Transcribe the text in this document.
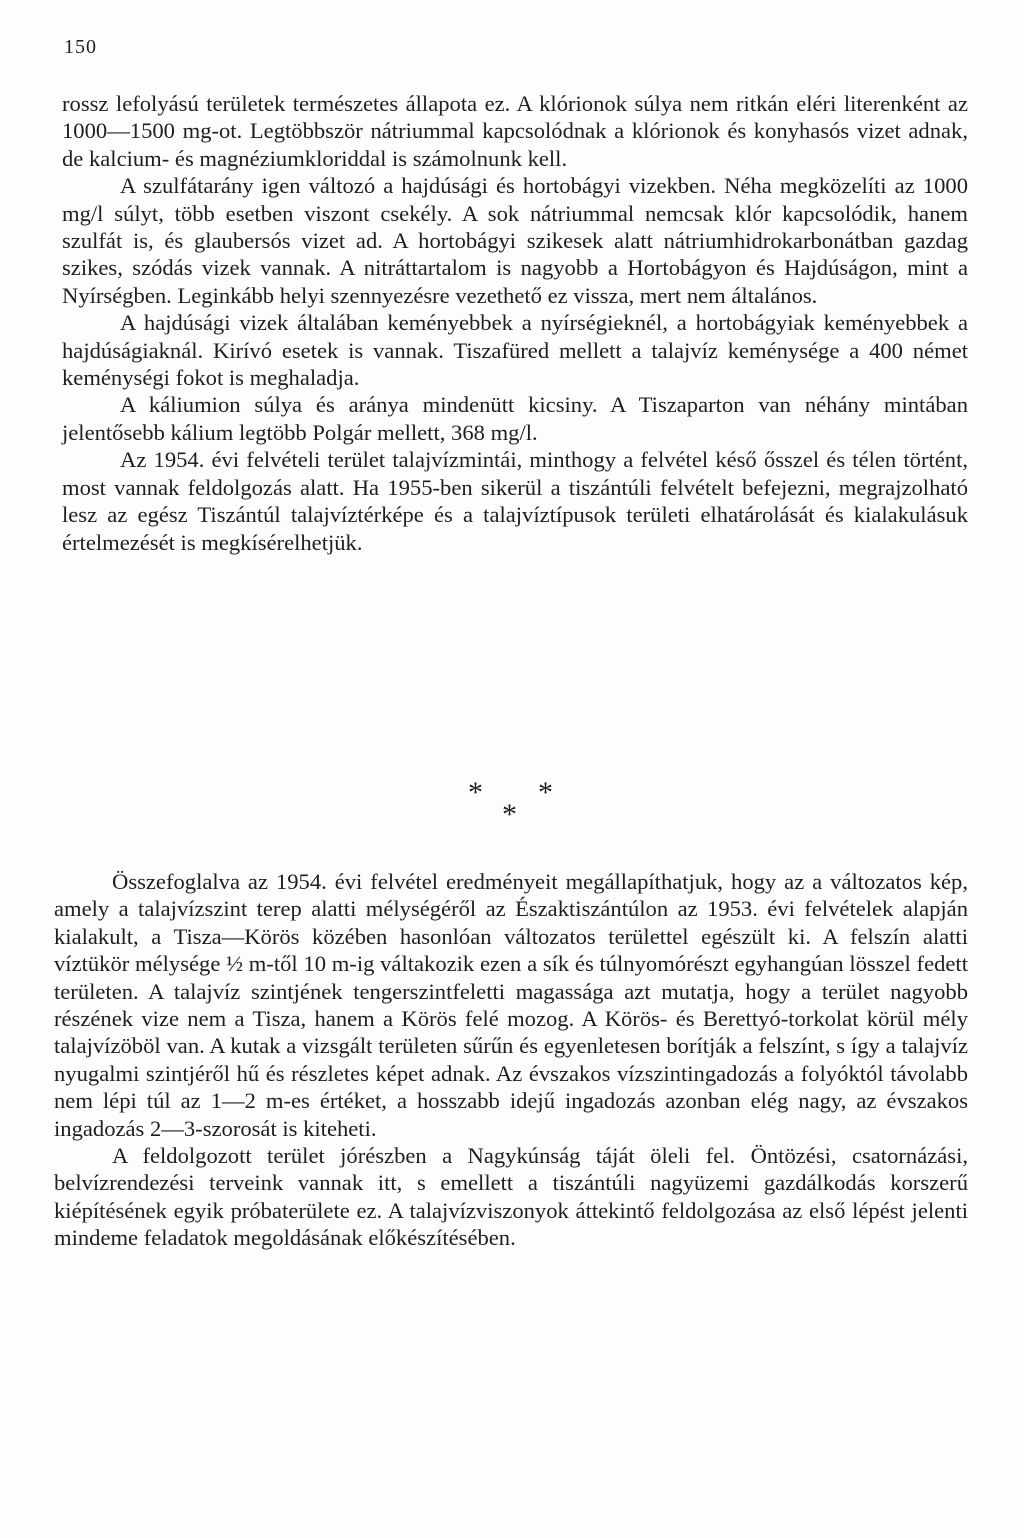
150

rossz lefolyású területek természetes állapota ez. A klórionok súlya nem ritkán eléri literenként az 1000—1500 mg-ot. Legtöbbször nátriummal kapcsolódnak a klórionok és konyhasós vizet adnak, de kalcium- és magnéziumkloriddal is számolnunk kell.

A szulfátarány igen változó a hajdúsági és hortobágyi vizekben. Néha megközelíti az 1000 mg/l súlyt, több esetben viszont csekély. A sok nátriummal nemcsak klór kapcsolódik, hanem szulfát is, és glaubersós vizet ad. A hortobágyi szikesek alatt nátriumhidrokarbonátban gazdag szikes, szódás vizek vannak. A nitráttartalom is nagyobb a Hortobágyon és Hajdúságon, mint a Nyírségben. Leginkább helyi szennyezésre vezethető ez vissza, mert nem általános.

A hajdúsági vizek általában keményebbek a nyírségieknél, a hortobágyiak keményebbek a hajdúságiaknál. Kirívó esetek is vannak. Tiszafüred mellett a talajvíz keménysége a 400 német keménységi fokot is meghaladja.

A káliumion súlya és aránya mindenütt kicsiny. A Tiszaparton van néhány mintában jelentősebb kálium legtöbb Polgár mellett, 368 mg/l.

Az 1954. évi felvételi terület talajvízmintái, minthogy a felvétel késő ősszel és télen történt, most vannak feldolgozás alatt. Ha 1955-ben sikerül a tiszántúli felvételt befejezni, megrajzolható lesz az egész Tiszántúl talajvíztérképe és a talajvíztípusok területi elhatárolását és kialakulásuk értelmezését is megkísérelhetjük.

* *
*

Összefoglalva az 1954. évi felvétel eredményeit megállapíthatjuk, hogy az a változatos kép, amely a talajvízszint terep alatti mélységéről az Északtiszántúlon az 1953. évi felvételek alapján kialakult, a Tisza—Körös közében hasonlóan változatos területtel egészült ki. A felszín alatti víztükör mélysége ½ m-től 10 m-ig váltakozik ezen a sík és túlnyomórészt egyhangúan lösszel fedett területen. A talajvíz szintjének tengerszintfeletti magassága azt mutatja, hogy a terület nagyobb részének vize nem a Tisza, hanem a Körös felé mozog. A Körös- és Berettyó-torkolat körül mély talajvízöböl van. A kutak a vizsgált területen sűrűn és egyenletesen borítják a felszínt, s így a talajvíz nyugalmi szintjéről hű és részletes képet adnak. Az évszakos vízszintingadozás a folyóktól távolabb nem lépi túl az 1—2 m-es értéket, a hosszabb idejű ingadozás azonban elég nagy, az évszakos ingadozás 2—3-szorosát is kiteheti.

A feldolgozott terület jórészben a Nagykúnság táját öleli fel. Öntözési, csatornázási, belvízrendezési terveink vannak itt, s emellett a tiszántúli nagyüzemi gazdálkodás korszerű kiépítésének egyik próbaterülete ez. A talajvízviszonyok áttekintő feldolgozása az első lépést jelenti mindeme feladatok megoldásának előkészítésében.
